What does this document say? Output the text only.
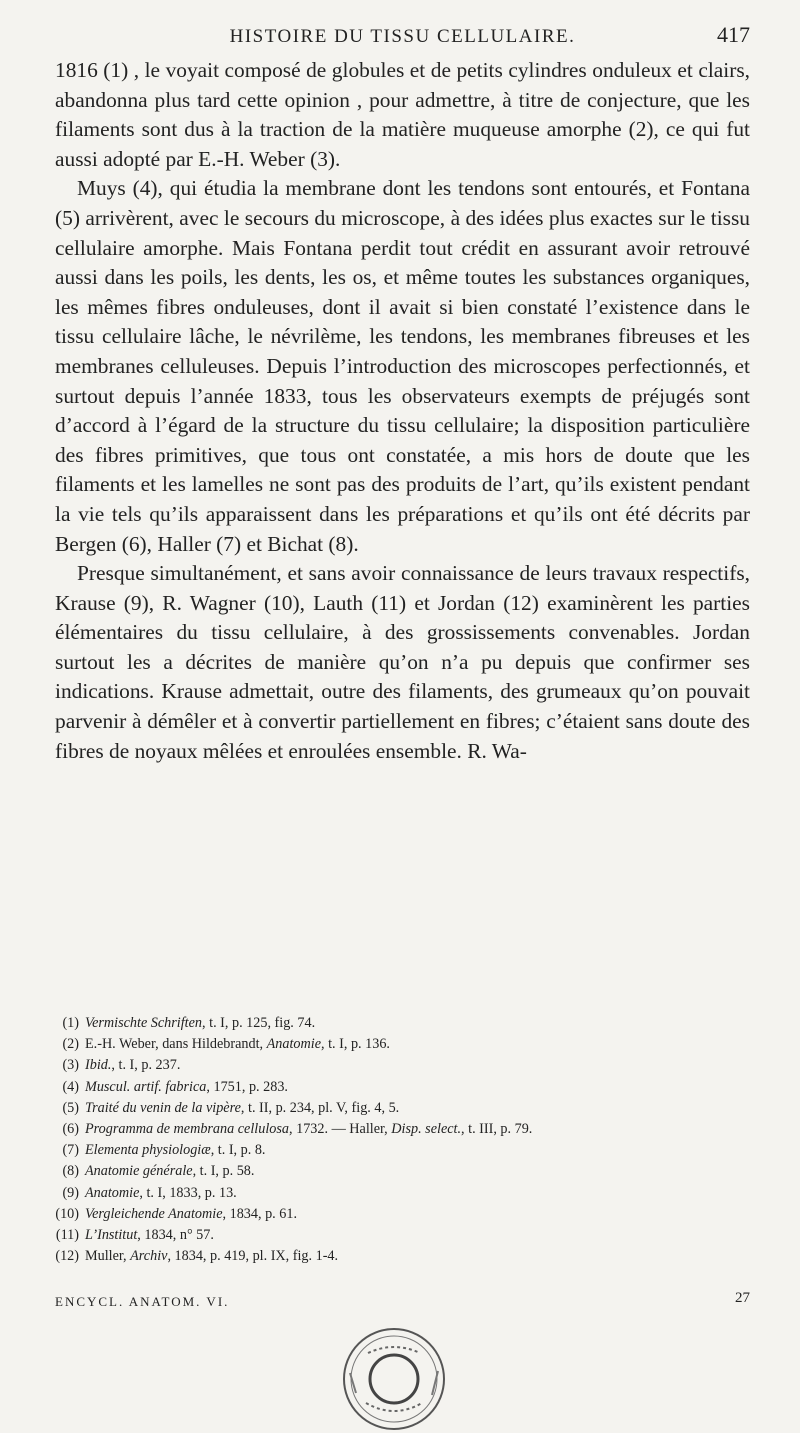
HISTOIRE DU TISSU CELLULAIRE.	417

1816 (1) , le voyait composé de globules et de petits cylindres onduleux et clairs, abandonna plus tard cette opinion , pour admettre, à titre de conjecture, que les filaments sont dus à la traction de la matière muqueuse amorphe (2), ce qui fut aussi adopté par E.-H. Weber (3).

Muys (4), qui étudia la membrane dont les tendons sont entourés, et Fontana (5) arrivèrent, avec le secours du microscope, à des idées plus exactes sur le tissu cellulaire amorphe. Mais Fontana perdit tout crédit en assurant avoir retrouvé aussi dans les poils, les dents, les os, et même toutes les substances organiques, les mêmes fibres onduleuses, dont il avait si bien constaté l’existence dans le tissu cellulaire lâche, le névrilème, les tendons, les membranes fibreuses et les membranes celluleuses. Depuis l’introduction des microscopes perfectionnés, et surtout depuis l’année 1833, tous les observateurs exempts de préjugés sont d’accord à l’égard de la structure du tissu cellulaire; la disposition particulière des fibres primitives, que tous ont constatée, a mis hors de doute que les filaments et les lamelles ne sont pas des produits de l’art, qu’ils existent pendant la vie tels qu’ils apparaissent dans les préparations et qu’ils ont été décrits par Bergen (6), Haller (7) et Bichat (8).

Presque simultanément, et sans avoir connaissance de leurs travaux respectifs, Krause (9), R. Wagner (10), Lauth (11) et Jordan (12) examinèrent les parties élémentaires du tissu cellulaire, à des grossissements convenables. Jordan surtout les a décrites de manière qu’on n’a pu depuis que confirmer ses indications. Krause admettait, outre des filaments, des grumeaux qu’on pouvait parvenir à démêler et à convertir partiellement en fibres; c’étaient sans doute des fibres de noyaux mêlées et enroulées ensemble. R. Wa-

(1) Vermischte Schriften, t. I, p. 125, fig. 74.
(2) E.-H. Weber, dans Hildebrandt, Anatomie, t. I, p. 136.
(3) Ibid., t. I, p. 237.
(4) Muscul. artif. fabrica, 1751, p. 283.
(5) Traité du venin de la vipère, t. II, p. 234, pl. V, fig. 4, 5.
(6) Programma de membrana cellulosa, 1732. — Haller, Disp. select., t. III, p. 79.
(7) Elementa physiologiæ, t. I, p. 8.
(8) Anatomie générale, t. I, p. 58.
(9) Anatomie, t. I, 1833, p. 13.
(10) Vergleichende Anatomie, 1834, p. 61.
(11) L’Institut, 1834, n° 57.
(12) Muller, Archiv, 1834, p. 419, pl. IX, fig. 1-4.
ENCYCL. ANATOM. VI.	27
